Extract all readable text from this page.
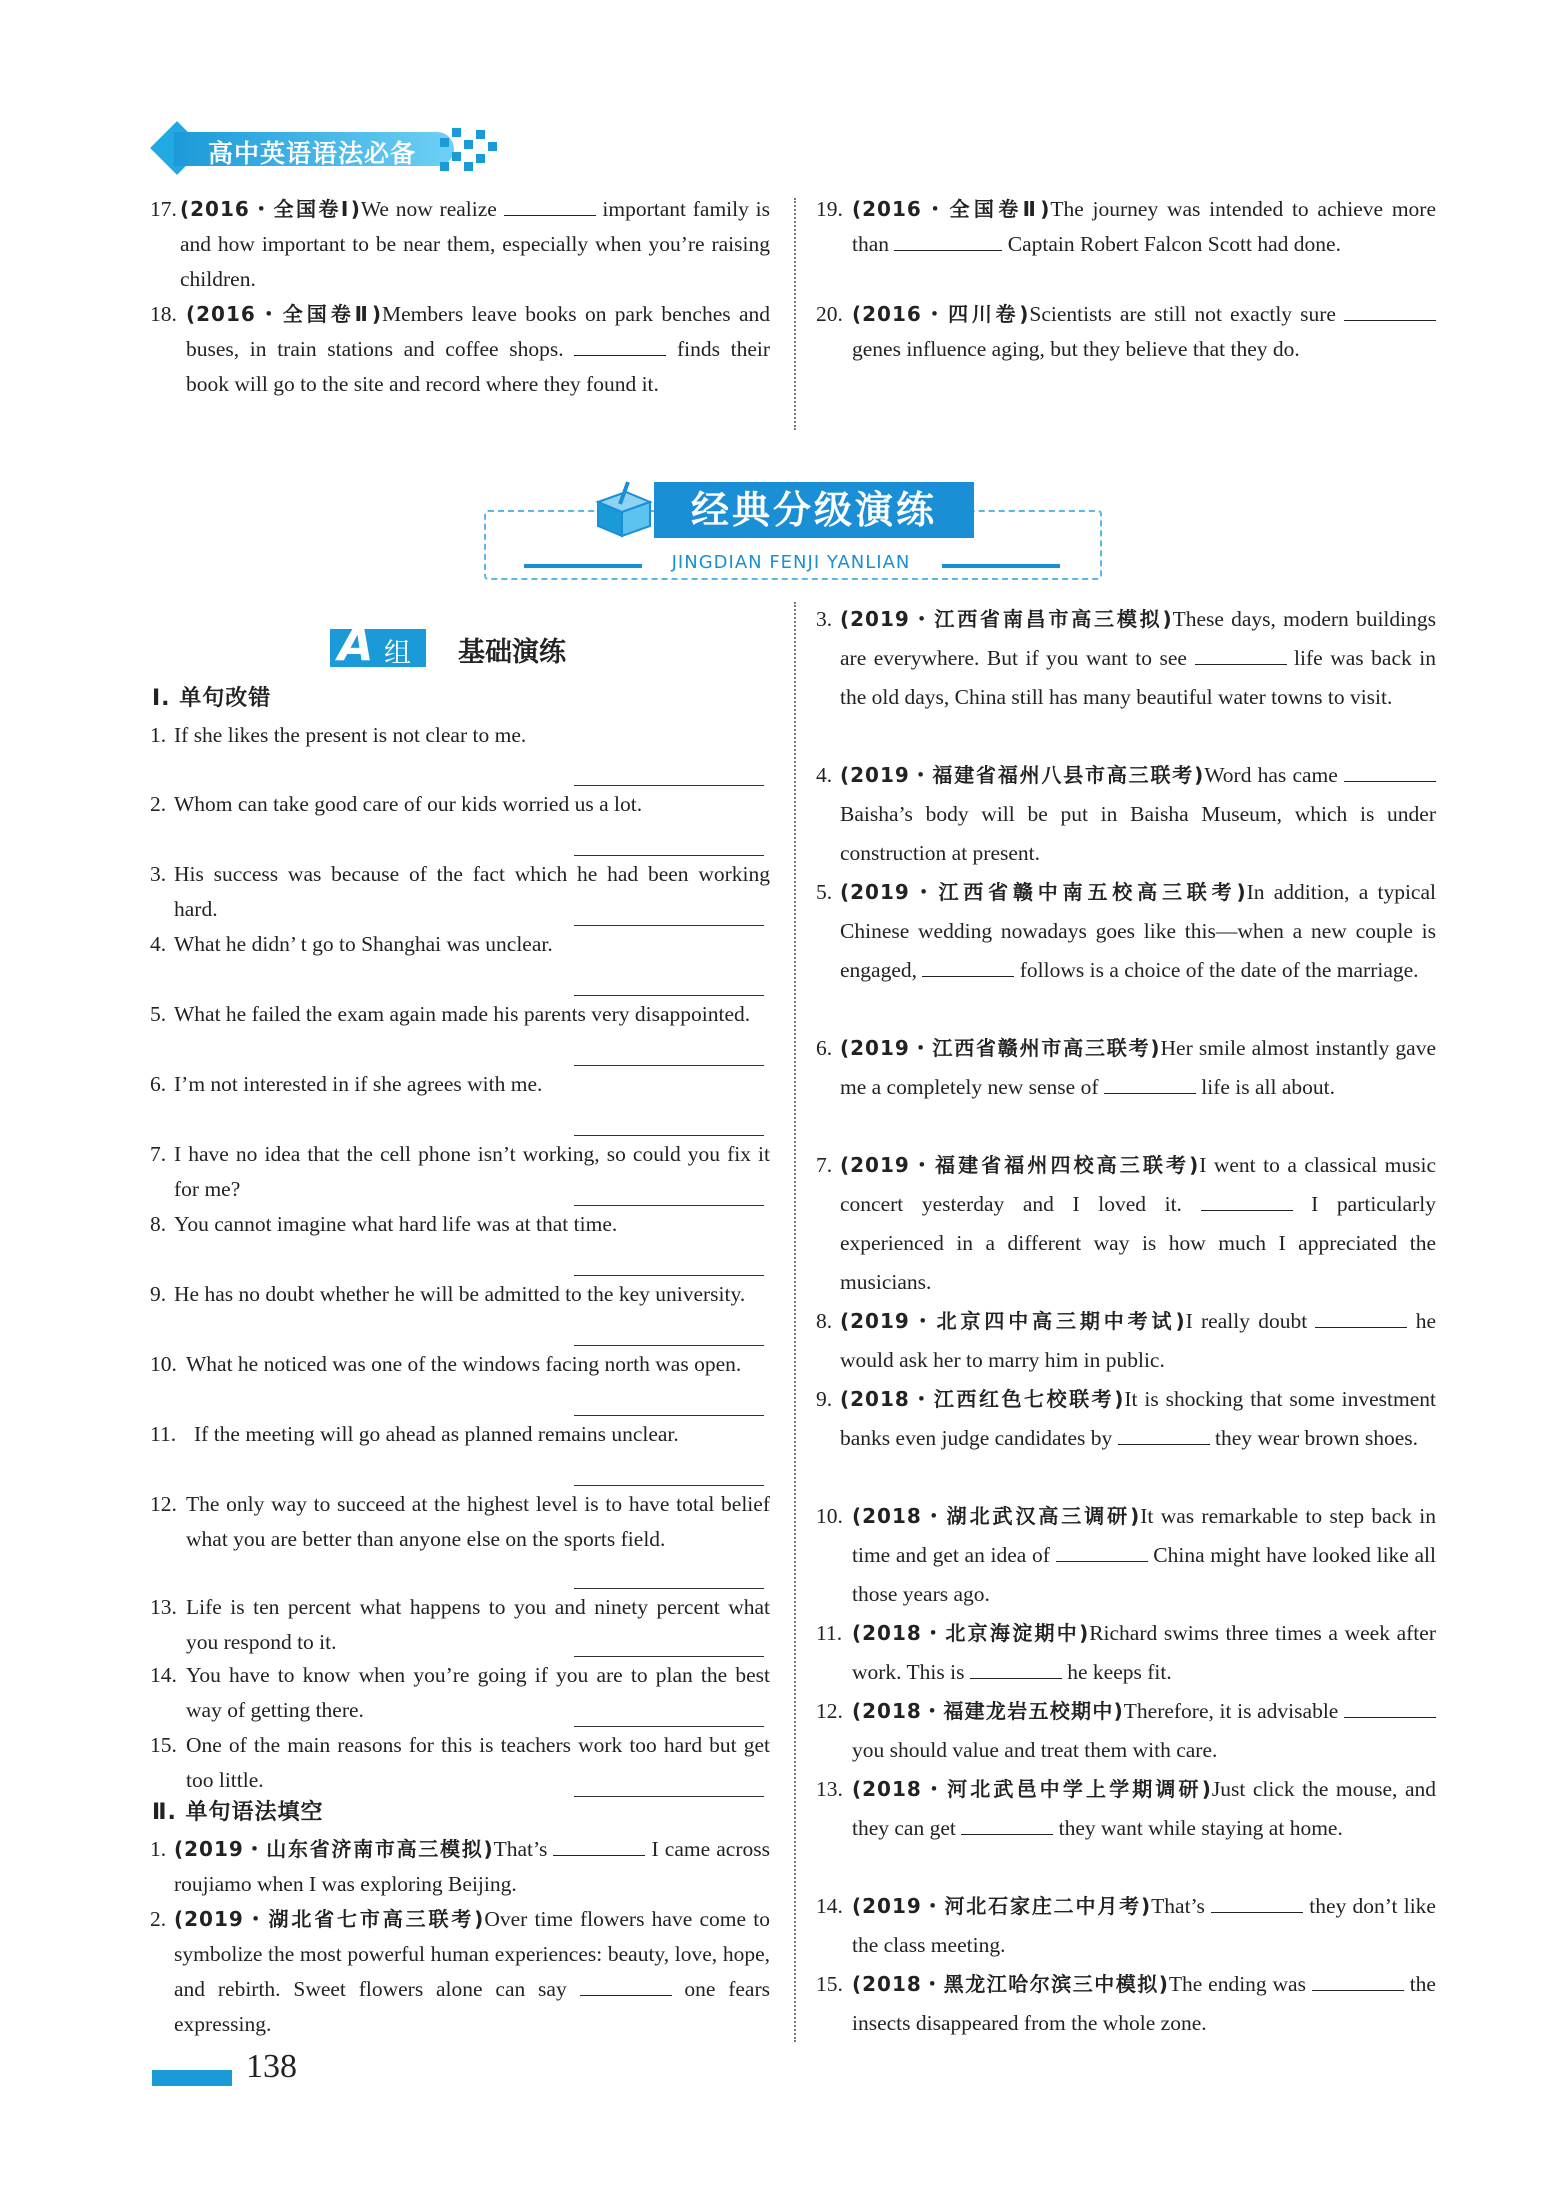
高中英语语法必备
17. (2016・全国卷Ⅰ)We now realize	important family is and how important to be near them, especially when you’re raising children.
18. (2016・全国卷Ⅱ)Members leave books on park benches and buses, in train stations and coffee shops.	finds their book will go to the site and record where they found it.
19. (2016・全国卷Ⅱ)The journey was intended to achieve more than	Captain Robert Falcon Scott had done.
20. (2016・四川卷)Scientists are still not exactly sure  genes influence aging, but they believe that they do.
经典分级演练
JINGDIAN FENJI YANLIAN
A 组 基础演练
Ⅰ. 单句改错
1. If she likes the present is not clear to me.
2. Whom can take good care of our kids worried us a lot.
3. His success was because of the fact which he had been working hard.
4. What he didn’ t go to Shanghai was unclear.
5. What he failed the exam again made his parents very disappointed.
6. I’m not interested in if she agrees with me.
7. I have no idea that the cell phone isn’t working, so could you fix it for me?
8. You cannot imagine what hard life was at that time.
9. He has no doubt whether he will be admitted to the key university.
10. What he noticed was one of the windows facing north was open.
11. If the meeting will go ahead as planned remains unclear.
12. The only way to succeed at the highest level is to have total belief what you are better than anyone else on the sports field.
13. Life is ten percent what happens to you and ninety percent what you respond to it.
14. You have to know when you’re going if you are to plan the best way of getting there.
15. One of the main reasons for this is teachers work too hard but get too little.
Ⅱ. 单句语法填空
1. (2019・山东省济南市高三模拟)That’s	I came across roujiamo when I was exploring Beijing.
2. (2019・湖北省七市高三联考)Over time flowers have come to symbolize the most powerful human experiences: beauty, love, hope, and rebirth. Sweet flowers alone can say	one fears expressing.
3. (2019・江西省南昌市高三模拟)These days, modern buildings are everywhere. But if you want to see	life was back in the old days, China still has many beautiful water towns to visit.
4. (2019・福建省福州八县市高三联考)Word has came  Baisha’s body will be put in Baisha Museum, which is under construction at present.
5. (2019・江西省赣中南五校高三联考)In addition, a typical Chinese wedding nowadays goes like this—when a new couple is engaged,	follows is a choice of the date of the marriage.
6. (2019・江西省赣州市高三联考)Her smile almost instantly gave me a completely new sense of	life is all about.
7. (2019・福建省福州四校高三联考)I went to a classical music concert yesterday and I loved it.	I particularly experienced in a different way is how much I appreciated the musicians.
8. (2019・北京四中高三期中考试)I really doubt	he would ask her to marry him in public.
9. (2018・江西红色七校联考)It is shocking that some investment banks even judge candidates by	they wear brown shoes.
10. (2018・湖北武汉高三调研)It was remarkable to step back in time and get an idea of	China might have looked like all those years ago.
11. (2018・北京海淀期中)Richard swims three times a week after work. This is	he keeps fit.
12. (2018・福建龙岩五校期中)Therefore, it is advisable  you should value and treat them with care.
13. (2018・河北武邑中学上学期调研)Just click the mouse, and they can get	they want while staying at home.
14. (2019・河北石家庄二中月考)That’s	they don’t like the class meeting.
15. (2018・黑龙江哈尔滨三中模拟)The ending was	the insects disappeared from the whole zone.
138
